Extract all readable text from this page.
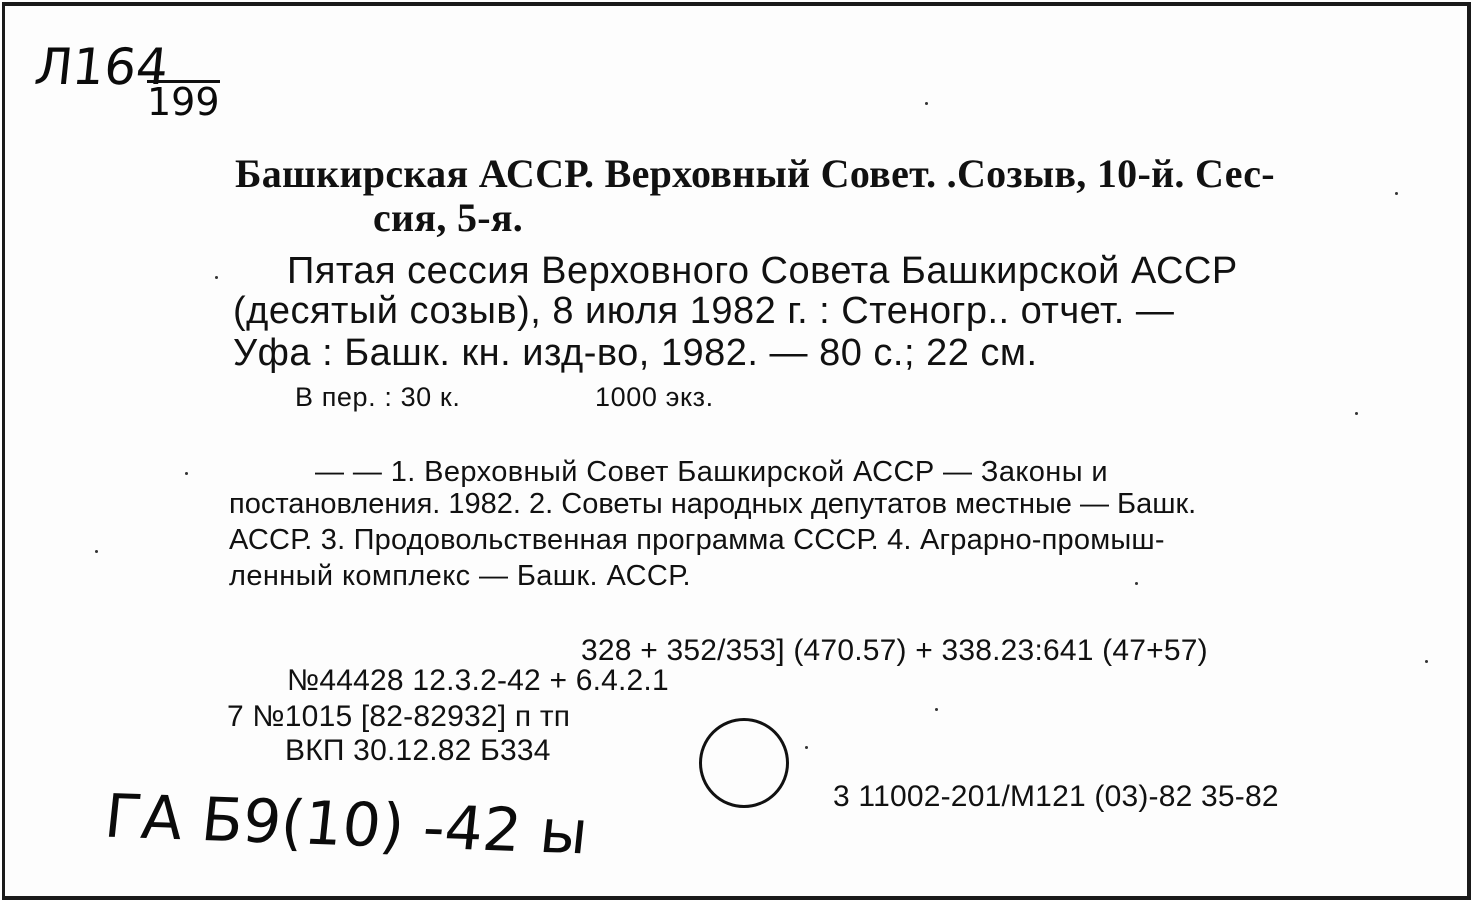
Л164
199
Башкирская АССР. Верховный Совет. .Созыв, 10-й. Сес-
сия, 5-я.
Пятая сессия Верховного Совета Башкирской АССР
(десятый созыв), 8 июля 1982 г. : Стеногр.. отчет. —
Уфа : Башк. кн. изд-во, 1982. — 80 с.; 22 см.
В пер. : 30 к.	1000 экз.
— — 1. Верховный Совет Башкирской АССР — Законы и
постановления. 1982. 2. Советы народных депутатов местные — Башк.
АССР. 3. Продовольственная программа СССР. 4. Аграрно-промыш-
ленный комплекс — Башк. АССР.
328 + 352/353] (470.57) + 338.23:641 (47+57)
№44428 12.3.2-42 + 6.4.2.1
7 №1015 [82-82932] п тп
ВКП 30.12.82 Б334
3 11002-201/М121 (03)-82 35-82
ГА Б9(10) -42 ы
